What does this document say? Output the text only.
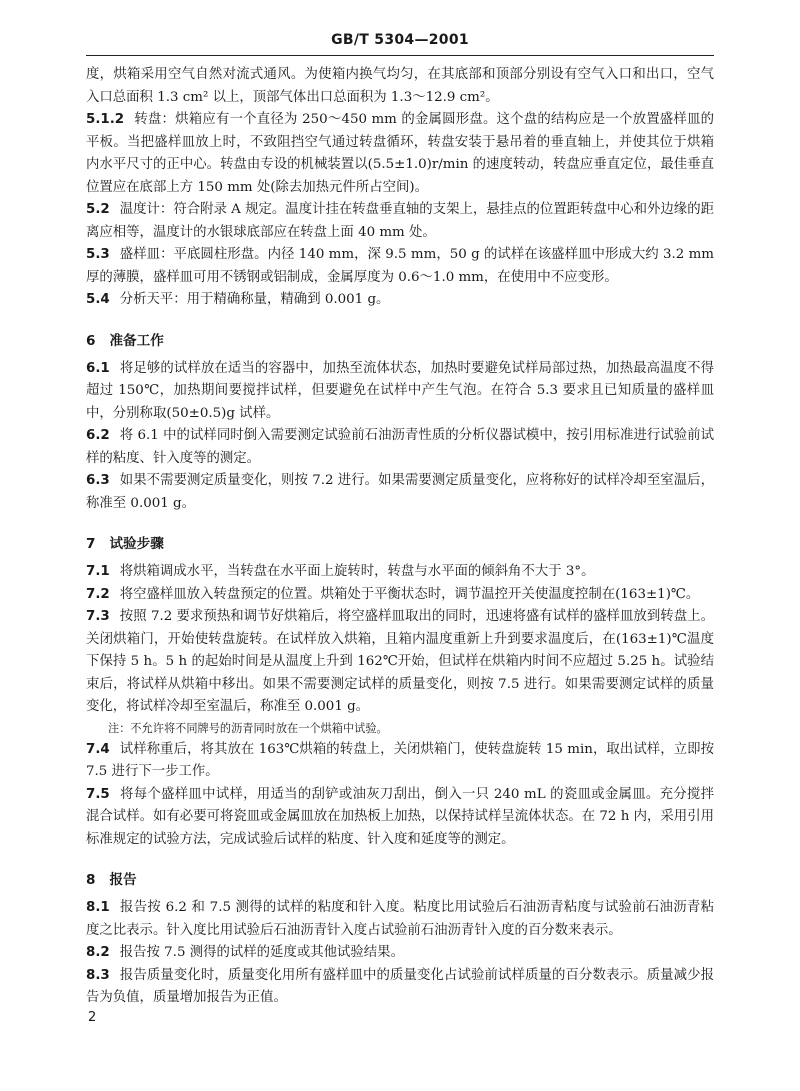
GB/T 5304—2001

度，烘箱采用空气自然对流式通风。为使箱内换气均匀，在其底部和顶部分别设有空气入口和出口，空气入口总面积 1.3 cm² 以上，顶部气体出口总面积为 1.3～12.9 cm²。

5.1.2 转盘：烘箱应有一个直径为 250～450 mm 的金属圆形盘。这个盘的结构应是一个放置盛样皿的平板。当把盛样皿放上时，不致阻挡空气通过转盘循环，转盘安装于悬吊着的垂直轴上，并使其位于烘箱内水平尺寸的正中心。转盘由专设的机械装置以(5.5±1.0)r/min 的速度转动，转盘应垂直定位，最佳垂直位置应在底部上方 150 mm 处(除去加热元件所占空间)。

5.2 温度计：符合附录 A 规定。温度计挂在转盘垂直轴的支架上，悬挂点的位置距转盘中心和外边缘的距离应相等，温度计的水银球底部应在转盘上面 40 mm 处。

5.3 盛样皿：平底圆柱形盘。内径 140 mm，深 9.5 mm，50 g 的试样在该盛样皿中形成大约 3.2 mm 厚的薄膜，盛样皿可用不锈钢或铝制成，金属厚度为 0.6～1.0 mm，在使用中不应变形。

5.4 分析天平：用于精确称量，精确到 0.001 g。

6 准备工作

6.1 将足够的试样放在适当的容器中，加热至流体状态，加热时要避免试样局部过热，加热最高温度不得超过 150℃，加热期间要搅拌试样，但要避免在试样中产生气泡。在符合 5.3 要求且已知质量的盛样皿中，分别称取(50±0.5)g 试样。

6.2 将 6.1 中的试样同时倒入需要测定试验前石油沥青性质的分析仪器试模中，按引用标准进行试验前试样的粘度、针入度等的测定。

6.3 如果不需要测定质量变化，则按 7.2 进行。如果需要测定质量变化，应将称好的试样冷却至室温后，称准至 0.001 g。

7 试验步骤

7.1 将烘箱调成水平，当转盘在水平面上旋转时，转盘与水平面的倾斜角不大于 3°。

7.2 将空盛样皿放入转盘预定的位置。烘箱处于平衡状态时，调节温控开关使温度控制在(163±1)℃。

7.3 按照 7.2 要求预热和调节好烘箱后，将空盛样皿取出的同时，迅速将盛有试样的盛样皿放到转盘上。关闭烘箱门，开始使转盘旋转。在试样放入烘箱，且箱内温度重新上升到要求温度后，在(163±1)℃温度下保持 5 h。5 h 的起始时间是从温度上升到 162℃开始，但试样在烘箱内时间不应超过 5.25 h。试验结束后，将试样从烘箱中移出。如果不需要测定试样的质量变化，则按 7.5 进行。如果需要测定试样的质量变化，将试样冷却至室温后，称准至 0.001 g。

注：不允许将不同牌号的沥青同时放在一个烘箱中试验。

7.4 试样称重后，将其放在 163℃烘箱的转盘上，关闭烘箱门，使转盘旋转 15 min，取出试样，立即按 7.5 进行下一步工作。

7.5 将每个盛样皿中试样，用适当的刮铲或油灰刀刮出，倒入一只 240 mL 的瓷皿或金属皿。充分搅拌混合试样。如有必要可将瓷皿或金属皿放在加热板上加热，以保持试样呈流体状态。在 72 h 内，采用引用标准规定的试验方法，完成试验后试样的粘度、针入度和延度等的测定。

8 报告

8.1 报告按 6.2 和 7.5 测得的试样的粘度和针入度。粘度比用试验后石油沥青粘度与试验前石油沥青粘度之比表示。针入度比用试验后石油沥青针入度占试验前石油沥青针入度的百分数来表示。

8.2 报告按 7.5 测得的试样的延度或其他试验结果。

8.3 报告质量变化时，质量变化用所有盛样皿中的质量变化占试验前试样质量的百分数表示。质量减少报告为负值，质量增加报告为正值。

2
